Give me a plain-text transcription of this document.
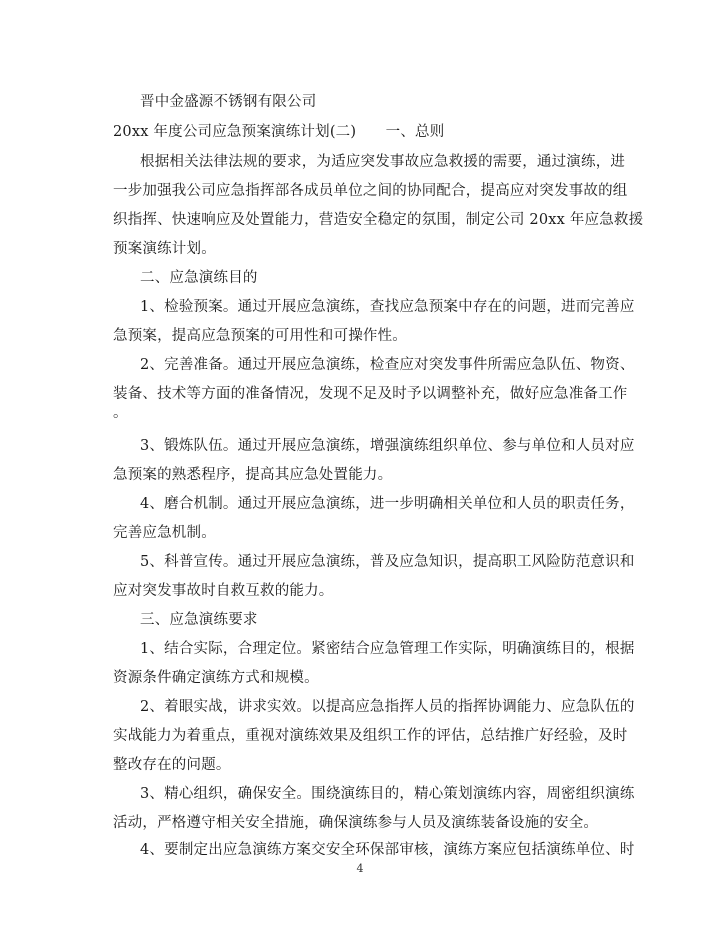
晋中金盛源不锈钢有限公司
20xx 年度公司应急预案演练计划(二)　　一、总则
根据相关法律法规的要求，为适应突发事故应急救援的需要，通过演练，进
一步加强我公司应急指挥部各成员单位之间的协同配合，提高应对突发事故的组
织指挥、快速响应及处置能力，营造安全稳定的氛围，制定公司 20xx 年应急救援
预案演练计划。
二、应急演练目的
1、检验预案。通过开展应急演练，查找应急预案中存在的问题，进而完善应
急预案，提高应急预案的可用性和可操作性。
2、完善准备。通过开展应急演练，检查应对突发事件所需应急队伍、物资、
装备、技术等方面的准备情况，发现不足及时予以调整补充，做好应急准备工作
。
3、锻炼队伍。通过开展应急演练，增强演练组织单位、参与单位和人员对应
急预案的熟悉程序，提高其应急处置能力。
4、磨合机制。通过开展应急演练，进一步明确相关单位和人员的职责任务，
完善应急机制。
5、科普宣传。通过开展应急演练，普及应急知识，提高职工风险防范意识和
应对突发事故时自救互救的能力。
三、应急演练要求
1、结合实际，合理定位。紧密结合应急管理工作实际，明确演练目的，根据
资源条件确定演练方式和规模。
2、着眼实战，讲求实效。以提高应急指挥人员的指挥协调能力、应急队伍的
实战能力为着重点，重视对演练效果及组织工作的评估，总结推广好经验，及时
整改存在的问题。
3、精心组织，确保安全。围绕演练目的，精心策划演练内容，周密组织演练
活动，严格遵守相关安全措施，确保演练参与人员及演练装备设施的安全。
4、要制定出应急演练方案交安全环保部审核，演练方案应包括演练单位、时
4
